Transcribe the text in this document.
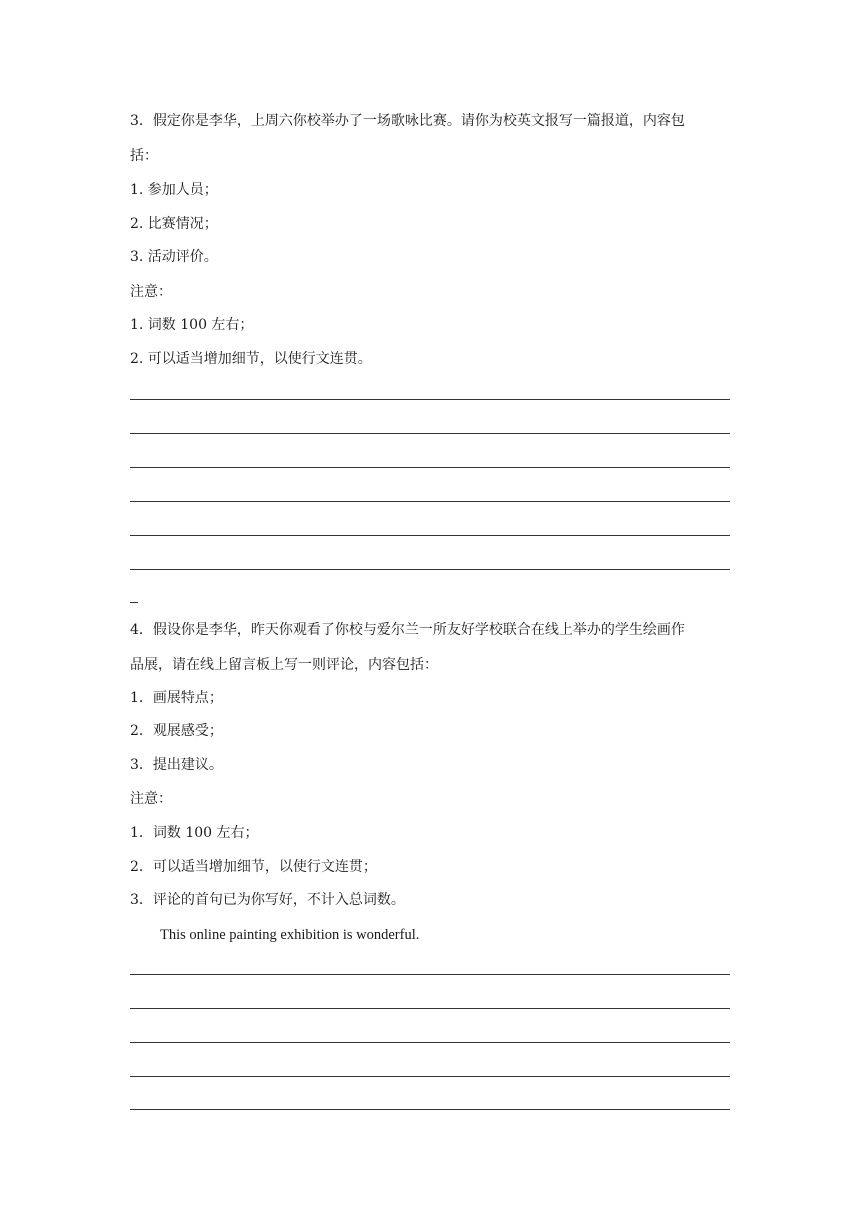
3．假定你是李华，上周六你校举办了一场歌咏比赛。请你为校英文报写一篇报道，内容包
括：
1. 参加人员；
2. 比赛情况；
3. 活动评价。
注意：
1. 词数 100 左右；
2. 可以适当增加细节，以使行文连贯。
4．假设你是李华，昨天你观看了你校与爱尔兰一所友好学校联合在线上举办的学生绘画作
品展，请在线上留言板上写一则评论，内容包括：
1．画展特点；
2．观展感受；
3．提出建议。
注意：
1．词数 100 左右；
2．可以适当增加细节，以使行文连贯；
3．评论的首句已为你写好，不计入总词数。
This online painting exhibition is wonderful.
